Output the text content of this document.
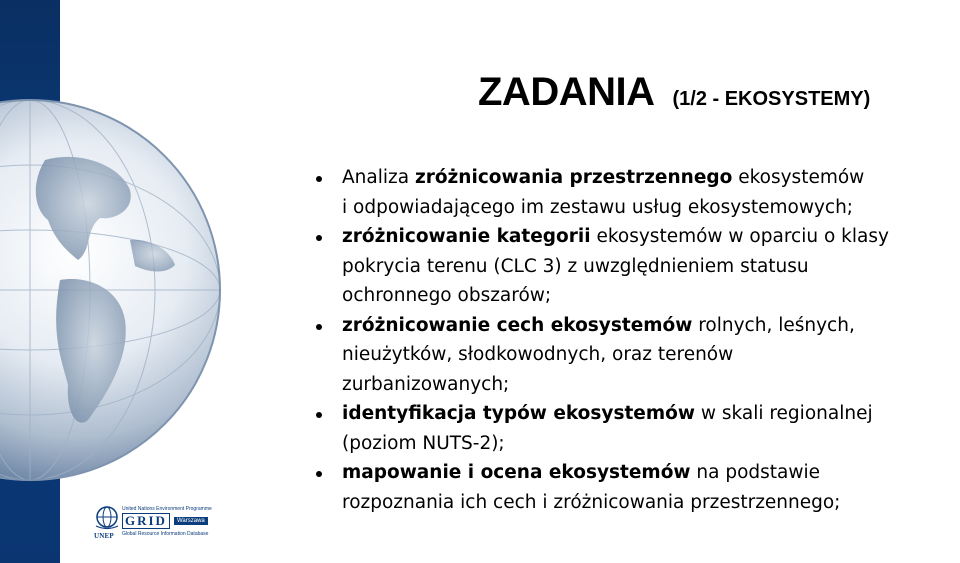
UNEP
United Nations Environment Programme
GRID	Warszawa
Global Resource Information Database
ZADANIA (1/2 - EKOSYSTEMY)
Analiza zróżnicowania przestrzennego ekosystemów
i odpowiadającego im zestawu usług ekosystemowych;
zróżnicowanie kategorii ekosystemów w oparciu o klasy
pokrycia terenu (CLC 3) z uwzględnieniem statusu
ochronnego obszarów;
zróżnicowanie cech ekosystemów rolnych, leśnych,
nieużytków, słodkowodnych, oraz terenów
zurbanizowanych;
identyfikacja typów ekosystemów w skali regionalnej
(poziom NUTS-2);
mapowanie i ocena ekosystemów na podstawie
rozpoznania ich cech i zróżnicowania przestrzennego;
